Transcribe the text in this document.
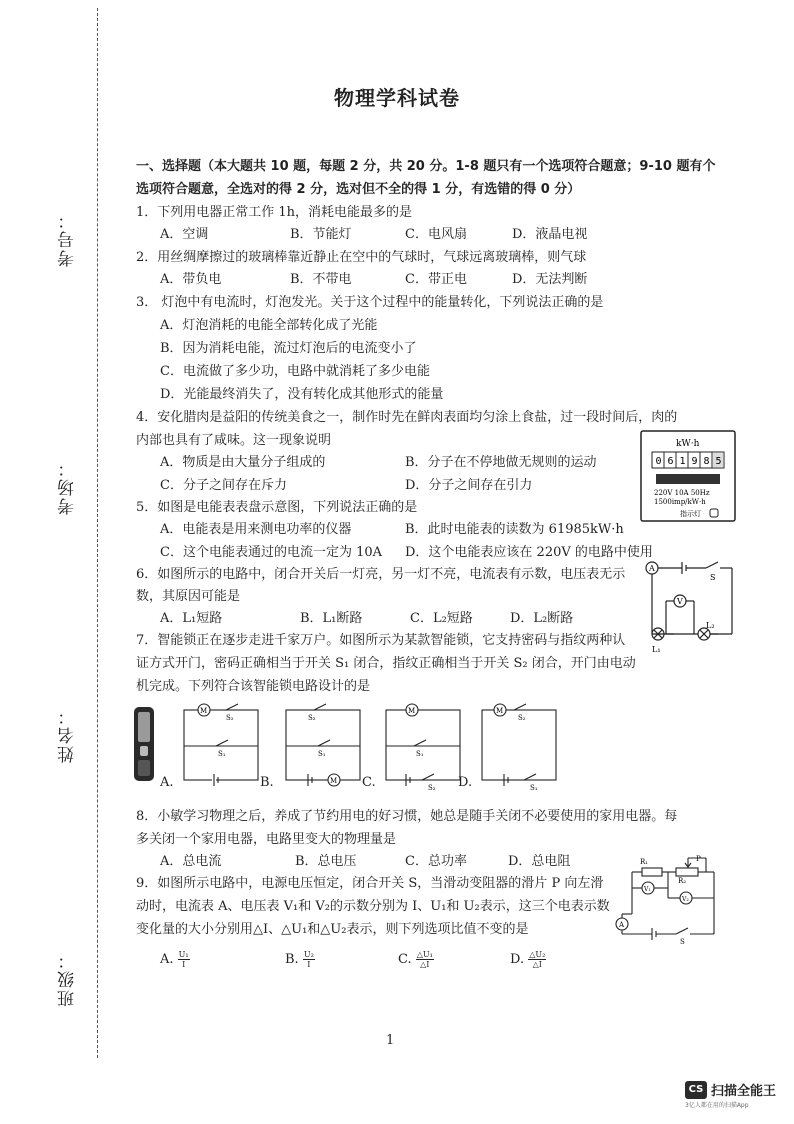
考号：
考场：
姓名：
班级：
物理学科试卷
一、选择题（本大题共 10 题，每题 2 分，共 20 分。1-8 题只有一个选项符合题意；9-10 题有个
选项符合题意，全选对的得 2 分，选对但不全的得 1 分，有选错的得 0 分）
1．下列用电器正常工作 1h，消耗电能最多的是
A．空调	B．节能灯	C．电风扇	D．液晶电视
2．用丝绸摩擦过的玻璃棒靠近静止在空中的气球时，气球远离玻璃棒，则气球
A．带负电	B．不带电	C．带正电	D．无法判断
3． 灯泡中有电流时，灯泡发光。关于这个过程中的能量转化，下列说法正确的是
A．灯泡消耗的电能全部转化成了光能
B．因为消耗电能，流过灯泡后的电流变小了
C．电流做了多少功，电路中就消耗了多少电能
D．光能最终消失了，没有转化成其他形式的能量
4．安化腊肉是益阳的传统美食之一，制作时先在鲜肉表面均匀涂上食盐，过一段时间后，肉的
内部也具有了咸味。这一现象说明
A．物质是由大量分子组成的	B．分子在不停地做无规则的运动
C．分子之间存在斥力	D．分子之间存在引力
kW·h
0 6 1 9 8 5
220V 10A 50Hz
1500imp/kW·h
指示灯
5．如图是电能表表盘示意图，下列说法正确的是
A．电能表是用来测电功率的仪器	B．此时电能表的读数为 61985kW·h
C．这个电能表通过的电流一定为 10A D．这个电能表应该在 220V 的电路中使用
6．如图所示的电路中，闭合开关后一灯亮，另一灯不亮，电流表有示数，电压表无示
数，其原因可能是
A．L₁短路	B．L₁断路	C．L₂短路	D．L₂断路
A
V
S
L₁
L₂
7．智能锁正在逐步走进千家万户。如图所示为某款智能锁，它支持密码与指纹两种认
证方式开门，密码正确相当于开关 S₁ 闭合，指纹正确相当于开关 S₂ 闭合，开门由电动
机完成。下列符合该智能锁电路设计的是
A.	B.	C.	D.
M
S₂
S₁
S₂
S₁
M
M
S₁
S₂
M
S₂
S₁
8．小敏学习物理之后，养成了节约用电的好习惯，她总是随手关闭不必要使用的家用电器。每
多关闭一个家用电器，电路里变大的物理量是
A．总电流	B．总电压	C．总功率	D．总电阻
9．如图所示电路中，电源电压恒定，闭合开关 S，当滑动变阻器的滑片 P 向左滑
动时，电流表 A、电压表 V₁和 V₂的示数分别为 I、U₁和 U₂表示，这三个电表示数
变化量的大小分别用△I、△U₁和△U₂表示，则下列选项比值不变的是
A. $\frac{\text{U₁}}{I}$	B. $\frac{\text{U₂}}{I}$	C. $\frac{\text{△U₁}}{\triangle I}$	D. $\frac{\text{△U₂}}{\triangle I}$
R₁
R₂
P
V₁
V₂
A
S
1
CS 扫描全能王
3亿人都在用的扫描App
